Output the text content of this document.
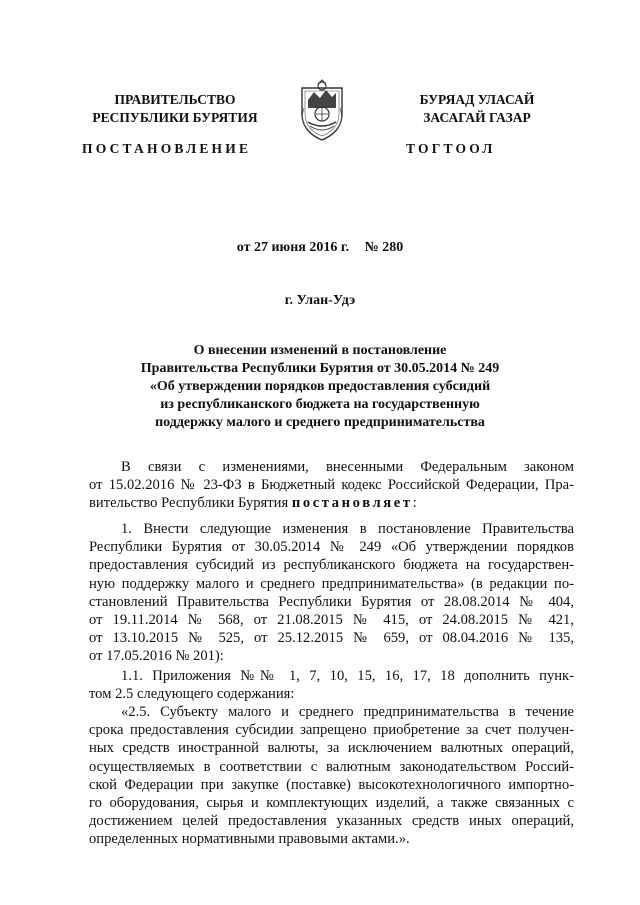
ПРАВИТЕЛЬСТВО
РЕСПУБЛИКИ БУРЯТИЯ
ПОСТАНОВЛЕНИЕ
БУРЯАД УЛАСАЙ
ЗАСАГАЙ ГАЗАР
ТОГТООЛ
от 27 июня 2016 г. № 280
г. Улан-Удэ
О внесении изменений в постановление
Правительства Республики Бурятия от 30.05.2014 № 249
«Об утверждении порядков предоставления субсидий
из республиканского бюджета на государственную
поддержку малого и среднего предпринимательства
В связи с изменениями, внесенными Федеральным законом
от 15.02.2016 № 23-ФЗ в Бюджетный кодекс Российской Федерации, Пра-
вительство Республики Бурятия постановляет:
1. Внести следующие изменения в постановление Правительства
Республики Бурятия от 30.05.2014 № 249 «Об утверждении порядков
предоставления субсидий из республиканского бюджета на государствен-
ную поддержку малого и среднего предпринимательства» (в редакции по-
становлений Правительства Республики Бурятия от 28.08.2014 № 404,
от 19.11.2014 № 568, от 21.08.2015 № 415, от 24.08.2015 № 421,
от 13.10.2015 № 525, от 25.12.2015 № 659, от 08.04.2016 № 135,
от 17.05.2016 № 201):
1.1. Приложения №№ 1, 7, 10, 15, 16, 17, 18 дополнить пунк-
том 2.5 следующего содержания:
«2.5. Субъекту малого и среднего предпринимательства в течение
срока предоставления субсидии запрещено приобретение за счет получен-
ных средств иностранной валюты, за исключением валютных операций,
осуществляемых в соответствии с валютным законодательством Россий-
ской Федерации при закупке (поставке) высокотехнологичного импортно-
го оборудования, сырья и комплектующих изделий, а также связанных с
достижением целей предоставления указанных средств иных операций,
определенных нормативными правовыми актами.».
